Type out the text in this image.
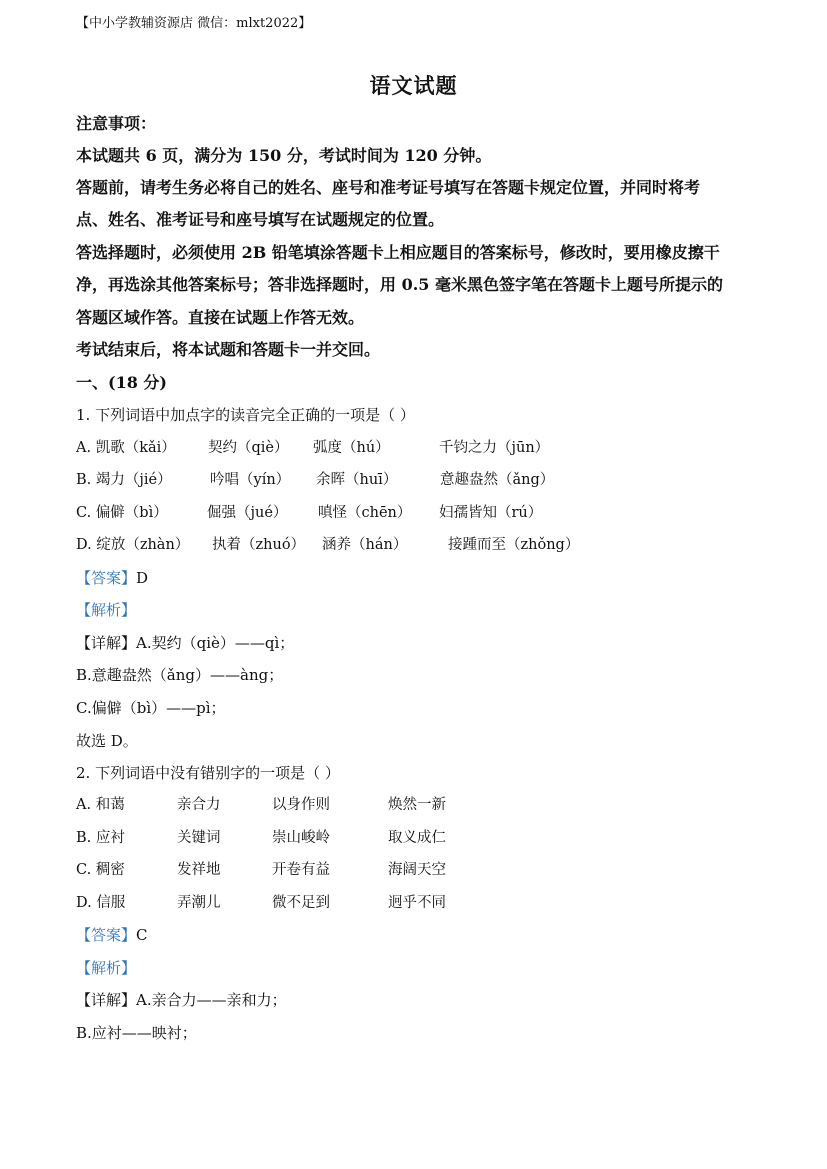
【中小学教辅资源店 微信：mlxt2022】
语文试题
注意事项：
本试题共 6 页，满分为 150 分，考试时间为 120 分钟。
答题前，请考生务必将自己的姓名、座号和准考证号填写在答题卡规定位置，并同时将考
点、姓名、准考证号和座号填写在试题规定的位置。
答选择题时，必须使用 2B 铅笔填涂答题卡上相应题目的答案标号，修改时，要用橡皮擦干
净，再选涂其他答案标号；答非选择题时，用 0.5 毫米黑色签字笔在答题卡上题号所提示的
答题区域作答。直接在试题上作答无效。
考试结束后，将本试题和答题卡一并交回。
一、(18 分)
1. 下列词语中加点字的读音完全正确的一项是（ ）
A. 凯歌（kǎi） 契约（qiè） 弧度（hú）	千钧之力（jūn）
B. 竭力（jié）	吟唱（yín） 余晖（huī）	意趣盎然（ǎng）
C. 偏僻（bì）	倔强（jué） 嗔怪（chēn） 妇孺皆知（rú）
D. 绽放（zhàn） 执着（zhuó） 涵养（hán）	接踵而至（zhǒng）
【答案】D
【解析】
【详解】A.契约（qiè）——qì；
B.意趣盎然（ǎng）——àng；
C.偏僻（bì）——pì；
故选 D。
2. 下列词语中没有错别字的一项是（ ）
A. 和蔼	亲合力	以身作则	焕然一新
B. 应衬	关键词	崇山峻岭	取义成仁
C. 稠密	发祥地	开卷有益	海阔天空
D. 信服	弄潮儿	微不足到	迥乎不同
【答案】C
【解析】
【详解】A.亲合力——亲和力；
B.应衬——映衬；
